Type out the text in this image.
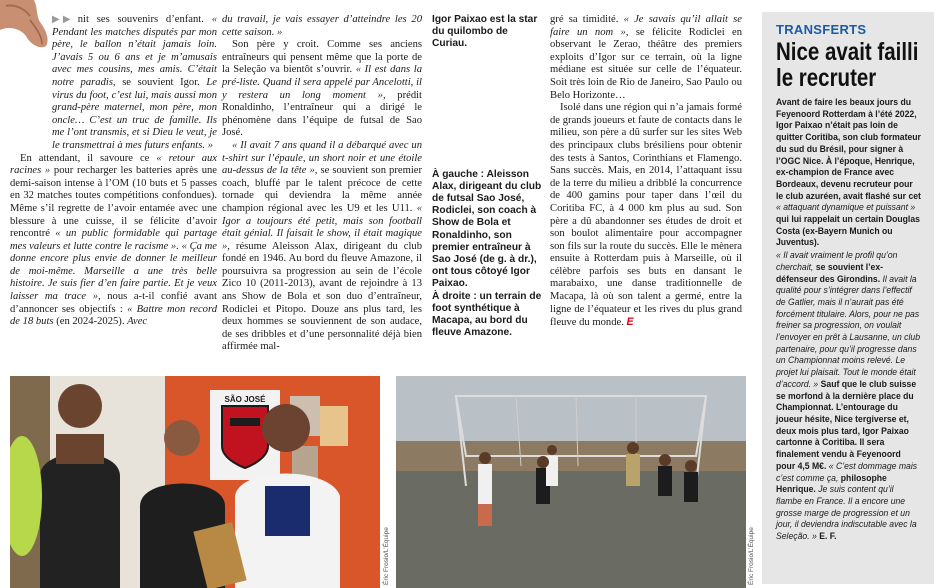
▶▶ nit ses souvenirs d’enfant. « Pendant les matches disputés par mon père, le ballon n’était jamais loin. J’avais 5 ou 6 ans et je m’amusais avec mes cousins, mes amis. C’était notre paradis, se souvient Igor. Le virus du foot, c’est lui, mais aussi mon grand-père maternel, mon père, mon oncle… C’est un truc de famille. Ils me l’ont transmis, et si Dieu le veut, je le transmettrai à mes futurs enfants. »

En attendant, il savoure ce « retour aux racines » pour recharger les batteries après une demi-saison intense à l’OM (10 buts et 5 passes en 32 matches toutes compétitions confondues). Même s’il regrette de l’avoir entamée avec une blessure à une cuisse, il se félicite d’avoir rencontré « un public formidable qui partage mes valeurs et lutte contre le racisme ». « Ça me donne encore plus envie de donner le meilleur de moi-même. Marseille a une très belle histoire. Je suis fier d’en faire partie. Et je veux laisser ma trace », nous a-t-il confié avant d’annoncer ses objectifs : « Battre mon record de 18 buts (en 2024-2025). Avec

du travail, je vais essayer d’atteindre les 20 cette saison. »

Son père y croit. Comme ses anciens entraîneurs qui pensent même que la porte de la Seleção va bientôt s’ouvrir. « Il est dans la pré-liste. Quand il sera appelé par Ancelotti, il y restera un long moment », prédit Ronaldinho, l’entraîneur qui a dirigé le phénomène dans l’équipe de futsal de Sao José.

« Il avait 7 ans quand il a débarqué avec un t-shirt sur l’épaule, un short noir et une étoile au-dessus de la tête », se souvient son premier coach, bluffé par le talent précoce de cette tornade qui deviendra la même année champion régional avec les U9 et les U11. « Igor a toujours été petit, mais son football était génial. Il faisait le show, il était magique », résume Aleisson Alax, dirigeant du club fondé en 1946. Au bord du fleuve Amazone, il poursuivra sa progression au sein de l’école Zico 10 (2011-2013), avant de rejoindre à 13 ans Show de Bola et son duo d’entraîneur, Rodiclei et Pitopo. Douze ans plus tard, les deux hommes se souviennent de son audace, de ses dribbles et d’une personnalité déjà bien affirmée mal-

Igor Paixao est la star du quilombo de Curiau.
À gauche : Aleisson Alax, dirigeant du club de futsal Sao José, Rodiclei, son coach à Show de Bola et Ronaldinho, son premier entraîneur à Sao José (de g. à dr.), ont tous côtoyé Igor Paixao.
À droite : un terrain de foot synthétique à Macapa, au bord du fleuve Amazone.

gré sa timidité. « Je savais qu’il allait se faire un nom », se félicite Rodiclei en observant le Zerao, théâtre des premiers exploits d’Igor sur ce terrain, où la ligne médiane est située sur celle de l’équateur. Soit très loin de Rio de Janeiro, Sao Paulo ou Belo Horizonte…

Isolé dans une région qui n’a jamais formé de grands joueurs et faute de contacts dans le milieu, son père a dû surfer sur les sites Web des principaux clubs brésiliens pour obtenir des tests à Santos, Corinthians et Flamengo. Sans succès. Mais, en 2014, l’attaquant issu de la terre du milieu a dribblé la concurrence de 400 gamins pour taper dans l’œil du Coritiba FC, à 4 000 km plus au sud. Son père a dû abandonner ses études de droit et son boulot alimentaire pour accompagner son fils sur la route du succès. Elle le mènera ensuite à Rotterdam puis à Marseille, où il célèbre parfois ses buts en dansant le marabaixo, une danse traditionnelle de Macapa, là où son talent a germé, entre la ligne de l’équateur et les rives du plus grand fleuve du monde. E

TRANSFERTS
Nice avait failli le recruter

Avant de faire les beaux jours du Feyenoord Rotterdam à l’été 2022, Igor Paixao n’était pas loin de quitter Coritiba, son club formateur du sud du Brésil, pour signer à l’OGC Nice. À l’époque, Henrique, ex-champion de France avec Bordeaux, devenu recruteur pour le club azuréen, avait flashé sur cet « attaquant dynamique et puissant » qui lui rappelait un certain Douglas Costa (ex-Bayern Munich ou Juventus).

« Il avait vraiment le profil qu’on cherchait, se souvient l’ex-défenseur des Girondins. Il avait la qualité pour s’intégrer dans l’effectif de Gatlier, mais il n’aurait pas été forcément titulaire. Alors, pour ne pas freiner sa progression, on voulait l’envoyer en prêt à Lausanne, un club partenaire, pour qu’il progresse dans un Championnat moins relevé. Le projet lui plaisait. Tout le monde était d’accord. » Sauf que le club suisse se morfond à la dernière place du Championnat. L’entourage du joueur hésite, Nice tergiverse et, deux mois plus tard, Igor Paixao cartonne à Coritiba. Il sera finalement vendu à Feyenoord pour 4,5 M€. « C’est dommage mais c’est comme ça, philosophe Henrique. Je suis content qu’il flambe en France. Il a encore une grosse marge de progression et un jour, il deviendra indiscutable avec la Seleção. » E. F.

SÃO JOSÉ
Éric Frosio/L’Équipe	Éric Frosio/L’Équipe
